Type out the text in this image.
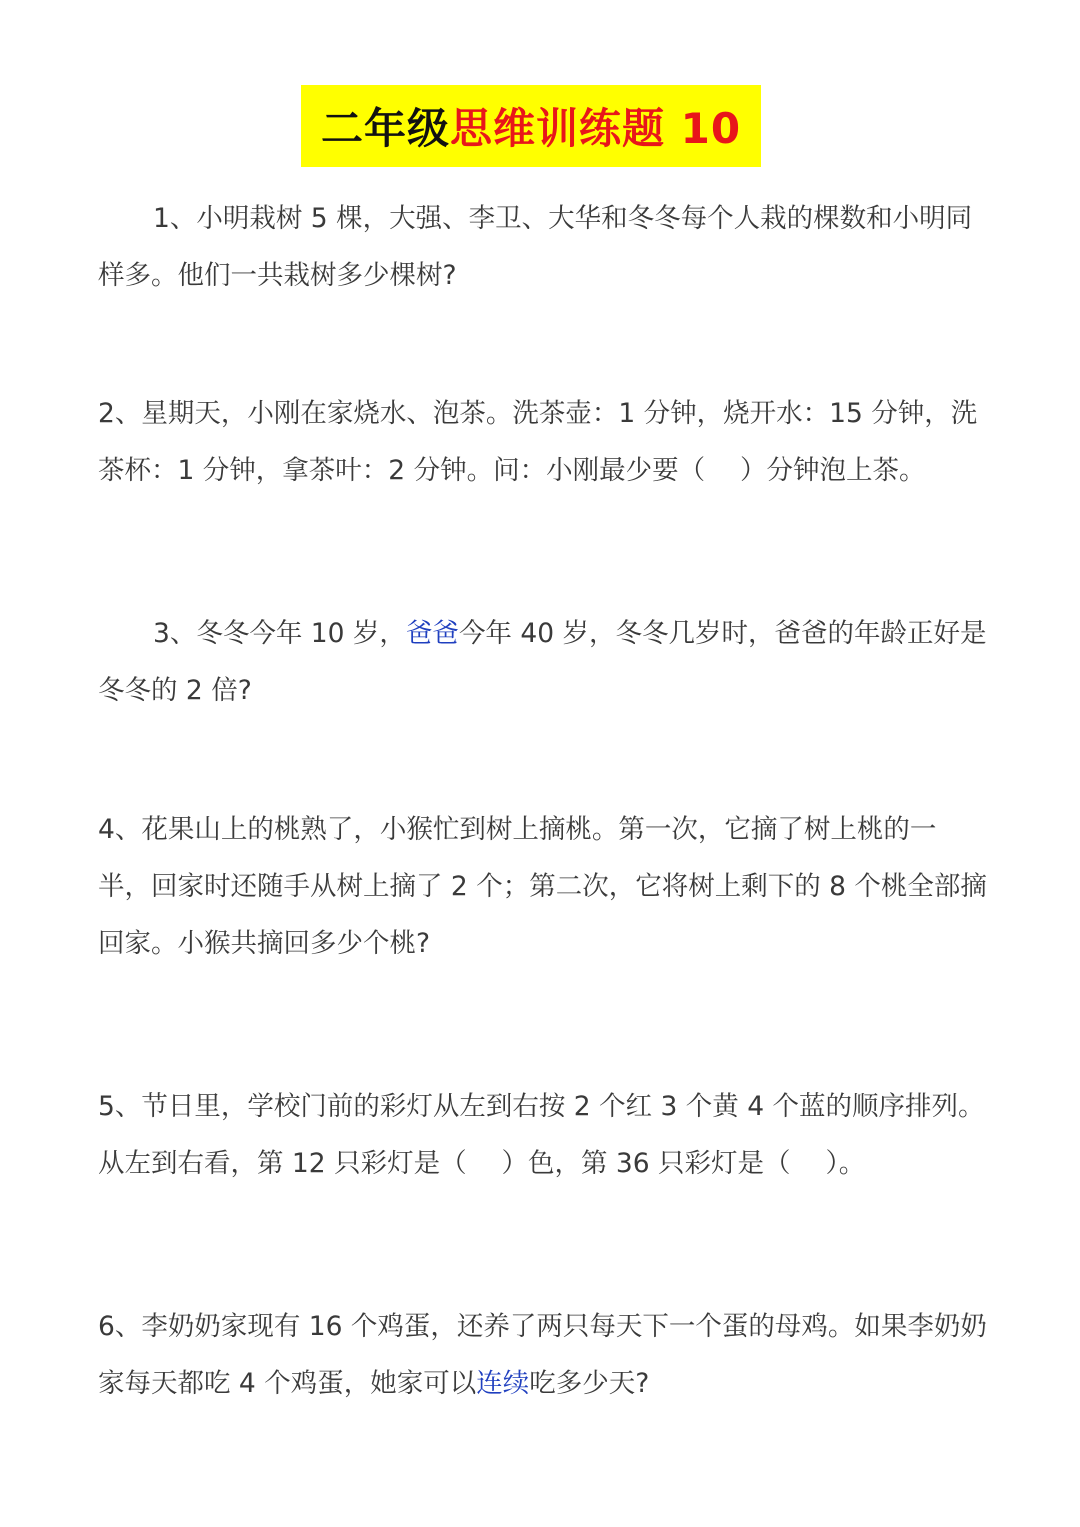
二年级 思维训练题 10

1、小明栽树 5 棵，大强、李卫、大华和冬冬每个人栽的棵数和小明同样多。他们一共栽树多少棵树?

2、星期天，小刚在家烧水、泡茶。洗茶壶：1 分钟，烧开水：15 分钟，洗茶杯：1 分钟，拿茶叶：2 分钟。问：小刚最少要（　 ）分钟泡上茶。

3、冬冬今年 10 岁，爸爸今年 40 岁，冬冬几岁时，爸爸的年龄正好是冬冬的 2 倍?

4、花果山上的桃熟了，小猴忙到树上摘桃。第一次，它摘了树上桃的一半，回家时还随手从树上摘了 2 个；第二次，它将树上剩下的 8 个桃全部摘回家。小猴共摘回多少个桃?

5、节日里，学校门前的彩灯从左到右按 2 个红 3 个黄 4 个蓝的顺序排列。从左到右看，第 12 只彩灯是（　 ）色，第 36 只彩灯是（　 ）。

6、李奶奶家现有 16 个鸡蛋，还养了两只每天下一个蛋的母鸡。如果李奶奶家每天都吃 4 个鸡蛋，她家可以连续吃多少天?
